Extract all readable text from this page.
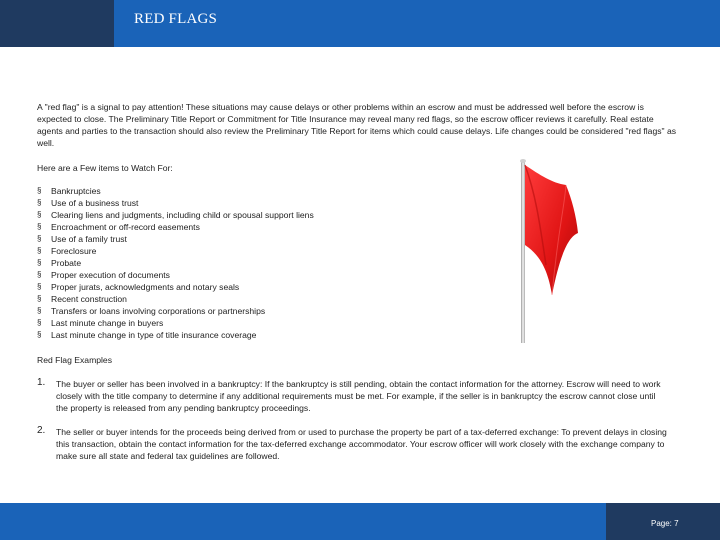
RED FLAGS

A "red flag" is a signal to pay attention! These situations may cause delays or other problems within an escrow and must be addressed well before the escrow is expected to close. The Preliminary Title Report or Commitment for Title Insurance may reveal many red flags, so the escrow officer reviews it carefully. Real estate agents and parties to the transaction should also review the Preliminary Title Report for items which could cause delays. Life changes could be considered "red flags" as well.

Here are a Few items to Watch For:

§ Bankruptcies
§ Use of a business trust
§ Clearing liens and judgments, including child or spousal support liens
§ Encroachment or off-record easements
§ Use of a family trust
§ Foreclosure
§ Probate
§ Proper execution of documents
§ Proper jurats, acknowledgments and notary seals
§ Recent construction
§ Transfers or loans involving corporations or partnerships
§ Last minute change in buyers
§ Last minute change in type of title insurance coverage

Red Flag Examples

1. The buyer or seller has been involved in a bankruptcy: If the bankruptcy is still pending, obtain the contact information for the attorney. Escrow will need to work closely with the title company to determine if any additional requirements must be met. For example, if the seller is in bankruptcy the escrow cannot close until the property is released from any pending bankruptcy proceedings.
2. The seller or buyer intends for the proceeds being derived from or used to purchase the property be part of a tax-deferred exchange: To prevent delays in closing this transaction, obtain the contact information for the tax-deferred exchange accommodator. Your escrow officer will work closely with the exchange company to make sure all state and federal tax guidelines are followed.
Page: 7
